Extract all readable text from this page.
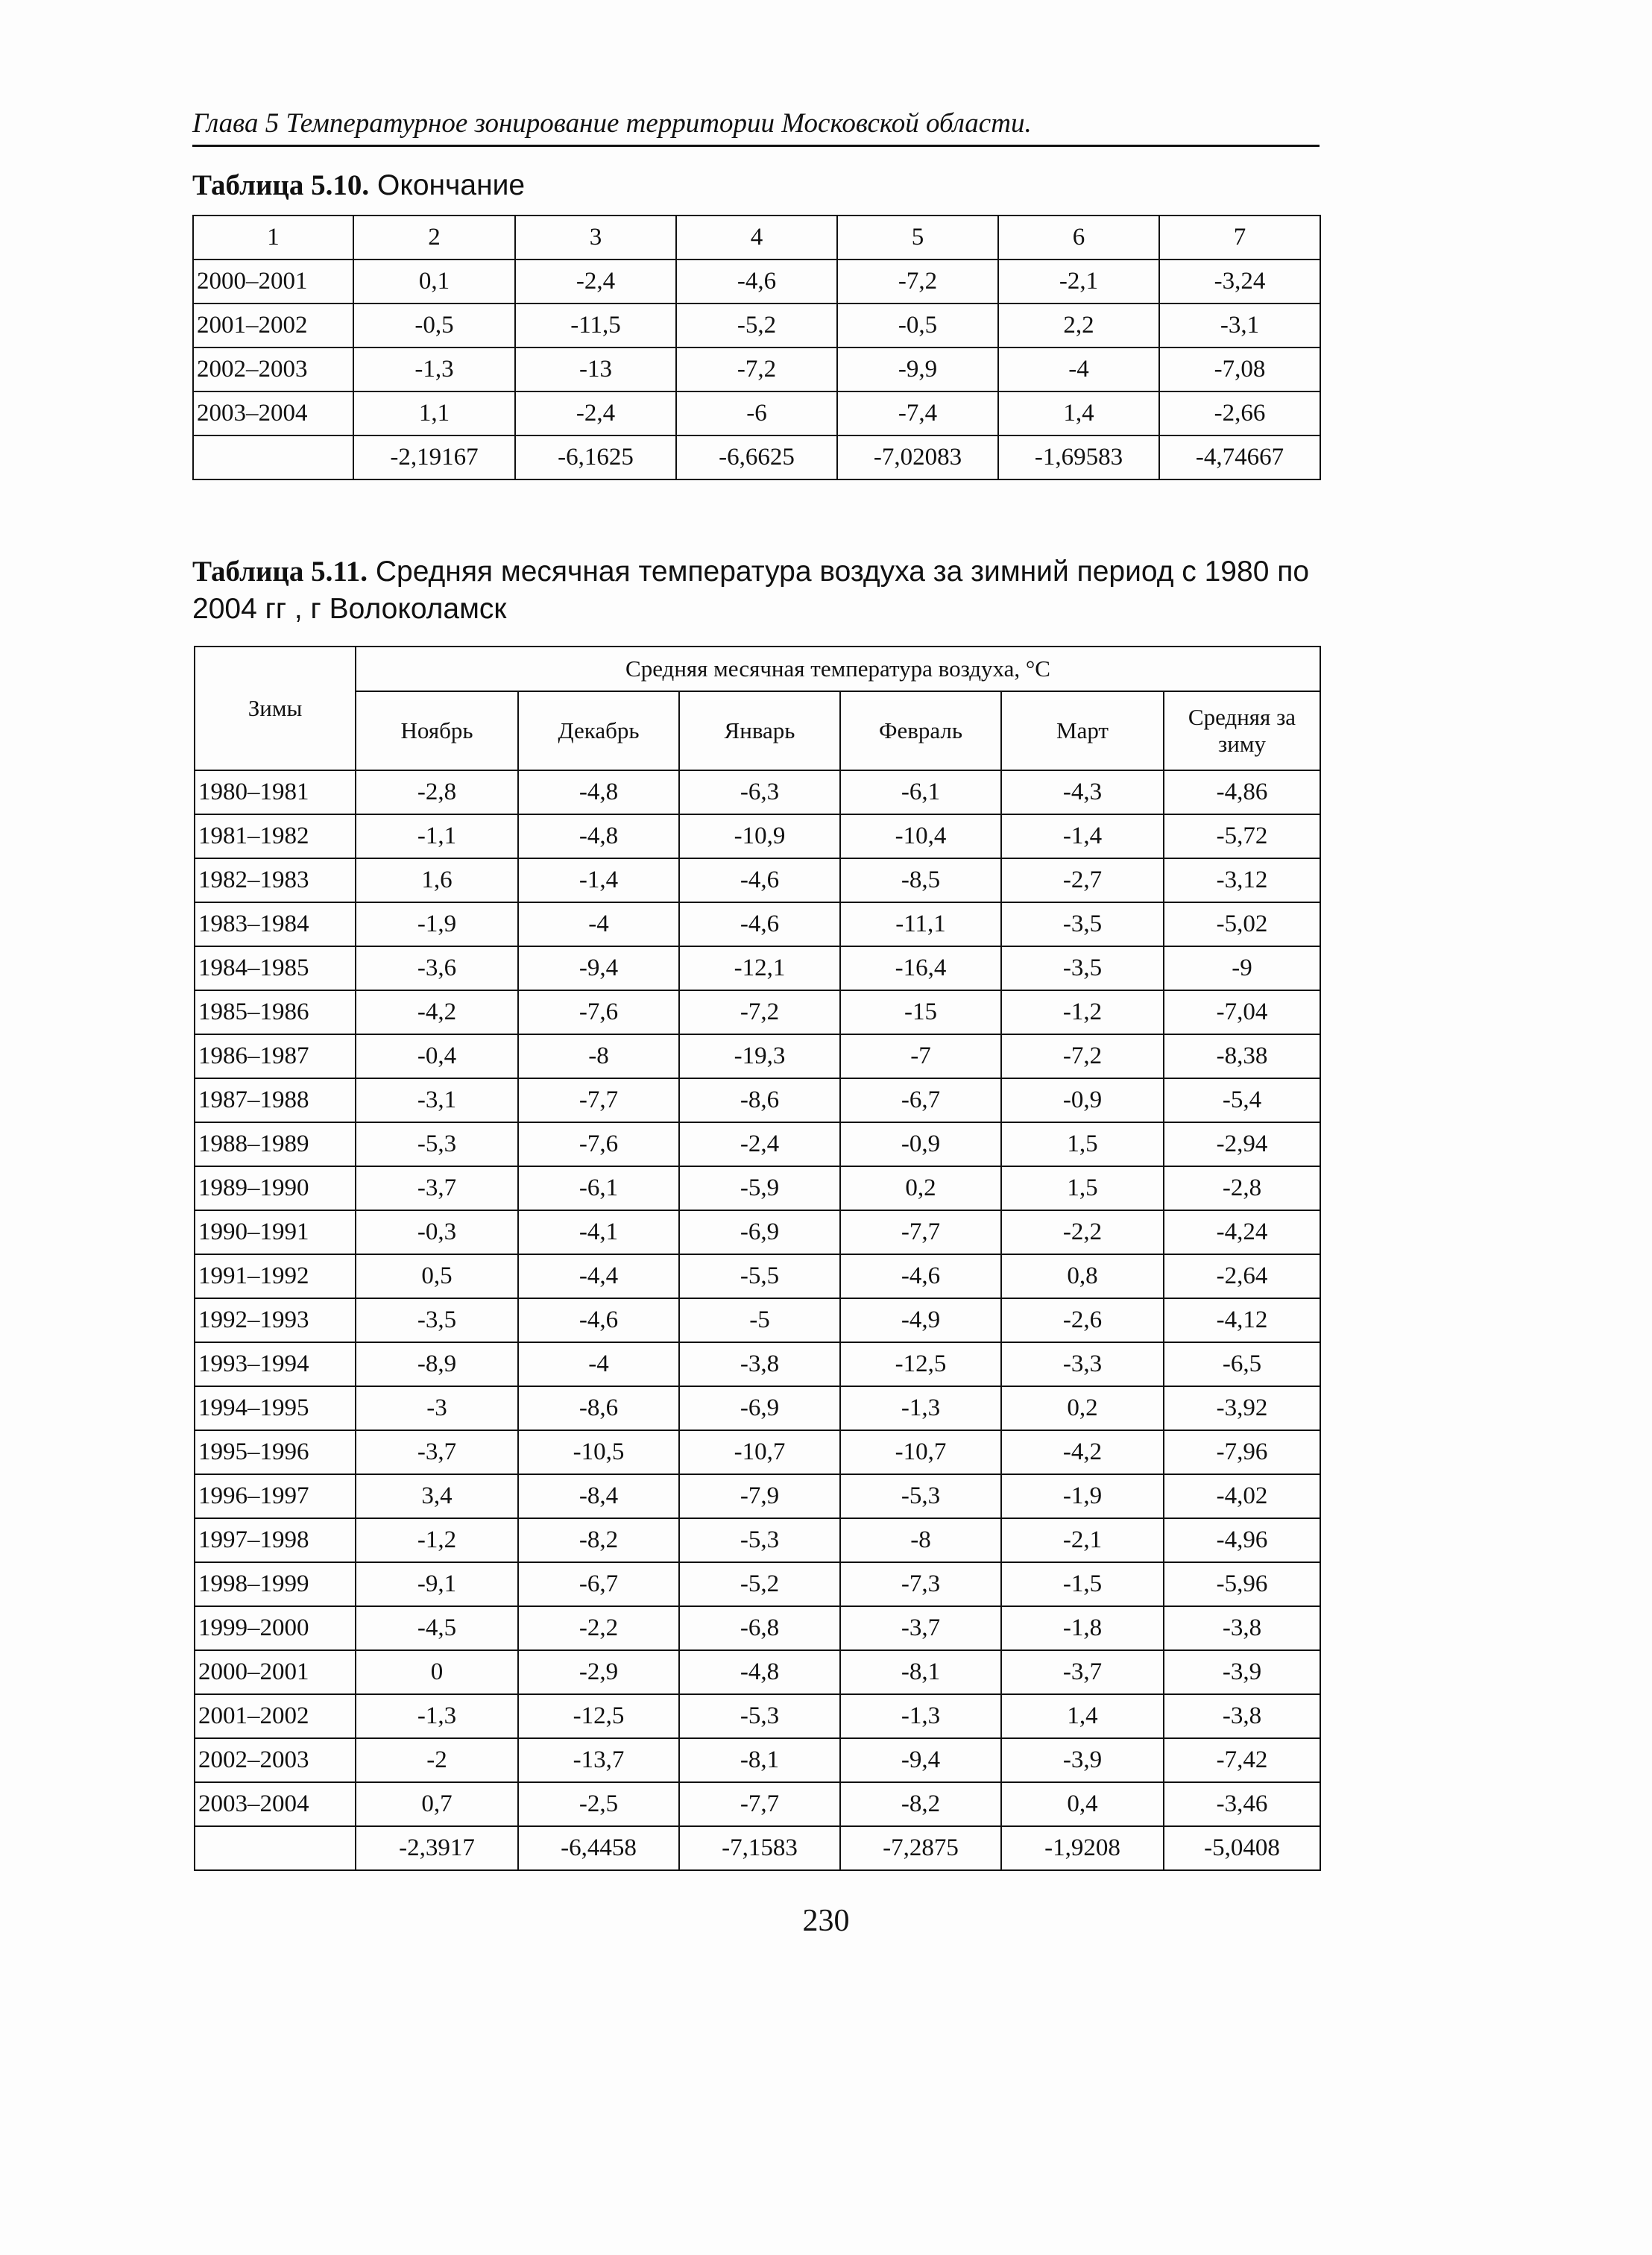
Глава 5 Температурное зонирование территории Московской области.
Таблица 5.10. Окончание
1	2	3	4	5	6	7
2000–2001	0,1	-2,4	-4,6	-7,2	-2,1	-3,24
2001–2002	-0,5	-11,5	-5,2	-0,5	2,2	-3,1
2002–2003	-1,3	-13	-7,2	-9,9	-4	-7,08
2003–2004	1,1	-2,4	-6	-7,4	1,4	-2,66
	-2,19167	-6,1625	-6,6625	-7,02083	-1,69583	-4,74667
Таблица 5.11. Средняя месячная температура воздуха за зимний период с 1980 по 2004 гг , г Волоколамск
Зимы	Средняя месячная температура воздуха, °С					
	Ноябрь	Декабрь	Январь	Февраль	Март	Средняя за зиму
1980–1981	-2,8	-4,8	-6,3	-6,1	-4,3	-4,86
1981–1982	-1,1	-4,8	-10,9	-10,4	-1,4	-5,72
1982–1983	1,6	-1,4	-4,6	-8,5	-2,7	-3,12
1983–1984	-1,9	-4	-4,6	-11,1	-3,5	-5,02
1984–1985	-3,6	-9,4	-12,1	-16,4	-3,5	-9
1985–1986	-4,2	-7,6	-7,2	-15	-1,2	-7,04
1986–1987	-0,4	-8	-19,3	-7	-7,2	-8,38
1987–1988	-3,1	-7,7	-8,6	-6,7	-0,9	-5,4
1988–1989	-5,3	-7,6	-2,4	-0,9	1,5	-2,94
1989–1990	-3,7	-6,1	-5,9	0,2	1,5	-2,8
1990–1991	-0,3	-4,1	-6,9	-7,7	-2,2	-4,24
1991–1992	0,5	-4,4	-5,5	-4,6	0,8	-2,64
1992–1993	-3,5	-4,6	-5	-4,9	-2,6	-4,12
1993–1994	-8,9	-4	-3,8	-12,5	-3,3	-6,5
1994–1995	-3	-8,6	-6,9	-1,3	0,2	-3,92
1995–1996	-3,7	-10,5	-10,7	-10,7	-4,2	-7,96
1996–1997	3,4	-8,4	-7,9	-5,3	-1,9	-4,02
1997–1998	-1,2	-8,2	-5,3	-8	-2,1	-4,96
1998–1999	-9,1	-6,7	-5,2	-7,3	-1,5	-5,96
1999–2000	-4,5	-2,2	-6,8	-3,7	-1,8	-3,8
2000–2001	0	-2,9	-4,8	-8,1	-3,7	-3,9
2001–2002	-1,3	-12,5	-5,3	-1,3	1,4	-3,8
2002–2003	-2	-13,7	-8,1	-9,4	-3,9	-7,42
2003–2004	0,7	-2,5	-7,7	-8,2	0,4	-3,46
	-2,3917	-6,4458	-7,1583	-7,2875	-1,9208	-5,0408
230
